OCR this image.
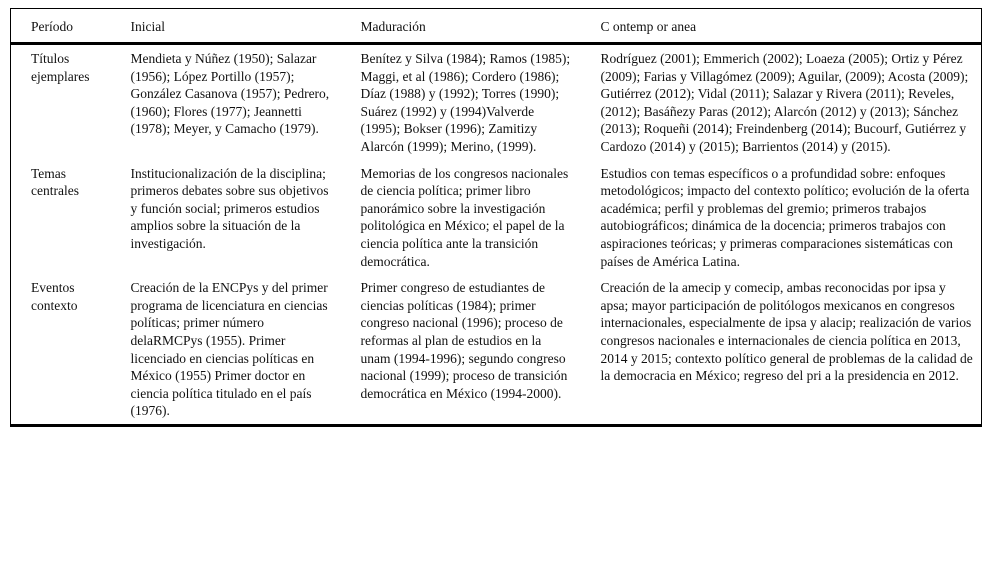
Período	Inicial	Maduración	C ontemp or anea
Títulos ejemplares	Mendieta y Núñez (1950); Salazar (1956); López Portillo (1957); González Casanova (1957); Pedrero, (1960); Flores (1977); Jeannetti (1978); Meyer, y Camacho (1979).	Benítez y Silva (1984); Ramos (1985); Maggi, et al (1986); Cordero (1986); Díaz (1988) y (1992); Torres (1990); Suárez (1992) y (1994)Valverde (1995); Bokser (1996); Zamitizy Alarcón (1999); Merino, (1999).	Rodríguez (2001); Emmerich (2002); Loaeza (2005); Ortiz y Pérez (2009); Farias y Villagómez (2009); Aguilar, (2009); Acosta (2009); Gutiérrez (2012); Vidal (2011); Salazar y Rivera (2011); Reveles, (2012); Basáñezy Paras (2012); Alarcón (2012) y (2013); Sánchez (2013); Roqueñi (2014); Freindenberg (2014); Bucourf, Gutiérrez y Cardozo (2014) y (2015); Barrientos (2014) y (2015).
Temas centrales	Institucionalización de la disciplina; primeros debates sobre sus objetivos y función social; primeros estudios amplios sobre la situación de la investigación.	Memorias de los congresos nacionales de ciencia política; primer libro panorámico sobre la investigación politológica en México; el papel de la ciencia política ante la transición democrática.	Estudios con temas específicos o a profundidad sobre: enfoques metodológicos; impacto del contexto político; evolución de la oferta académica; perfil y problemas del gremio; primeros trabajos autobiográficos; dinámica de la docencia; primeros trabajos con aspiraciones teóricas; y primeras comparaciones sistemáticas con países de América Latina.
Eventos contexto	Creación de la ENCPys y del primer programa de licenciatura en ciencias políticas; primer número delaRMCPys (1955). Primer licenciado en ciencias políticas en México (1955) Primer doctor en ciencia política titulado en el país (1976).	Primer congreso de estudiantes de ciencias políticas (1984); primer congreso nacional (1996); proceso de reformas al plan de estudios en la unam (1994-1996); segundo congreso nacional (1999); proceso de transición democrática en México (1994-2000).	Creación de la amecip y comecip, ambas reconocidas por ipsa y apsa; mayor participación de politólogos mexicanos en congresos internacionales, especialmente de ipsa y alacip; realización de varios congresos nacionales e internacionales de ciencia política en 2013, 2014 y 2015; contexto político general de problemas de la calidad de la democracia en México; regreso del pri a la presidencia en 2012.
